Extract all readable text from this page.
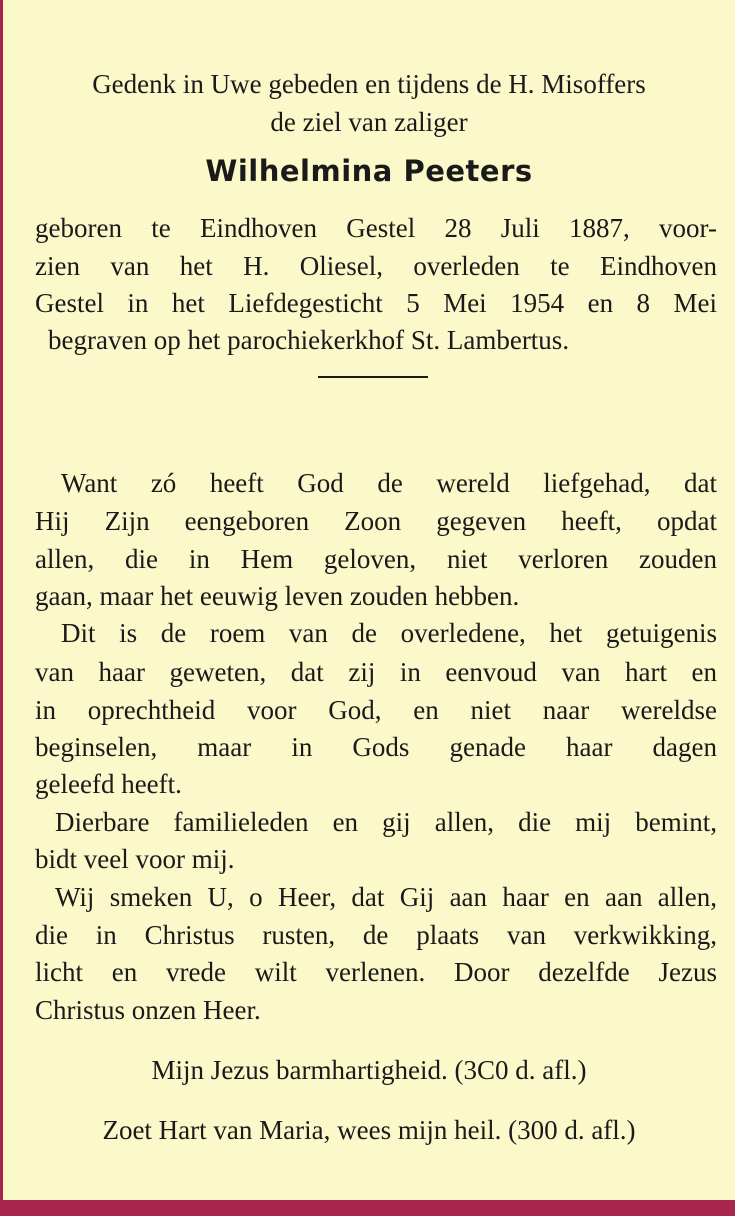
Gedenk in Uwe gebeden en tijdens de H. Misoffers
de ziel van zaliger
Wilhelmina Peeters
geboren te Eindhoven Gestel 28 Juli 1887, voor-
zien van het H. Oliesel, overleden te Eindhoven
Gestel in het Liefdegesticht 5 Mei 1954 en 8 Mei
begraven op het parochiekerkhof St. Lambertus.
Want zó heeft God de wereld liefgehad, dat
Hij Zijn eengeboren Zoon gegeven heeft, opdat
allen, die in Hem geloven, niet verloren zouden
gaan, maar het eeuwig leven zouden hebben.
Dit is de roem van de overledene, het getuigenis
van haar geweten, dat zij in eenvoud van hart en
in oprechtheid voor God, en niet naar wereldse
beginselen, maar in Gods genade haar dagen
geleefd heeft.
Dierbare familieleden en gij allen, die mij bemint,
bidt veel voor mij.
Wij smeken U, o Heer, dat Gij aan haar en aan allen,
die in Christus rusten, de plaats van verkwikking,
licht en vrede wilt verlenen. Door dezelfde Jezus
Christus onzen Heer.
Mijn Jezus barmhartigheid. (3C0 d. afl.)
Zoet Hart van Maria, wees mijn heil. (300 d. afl.)
